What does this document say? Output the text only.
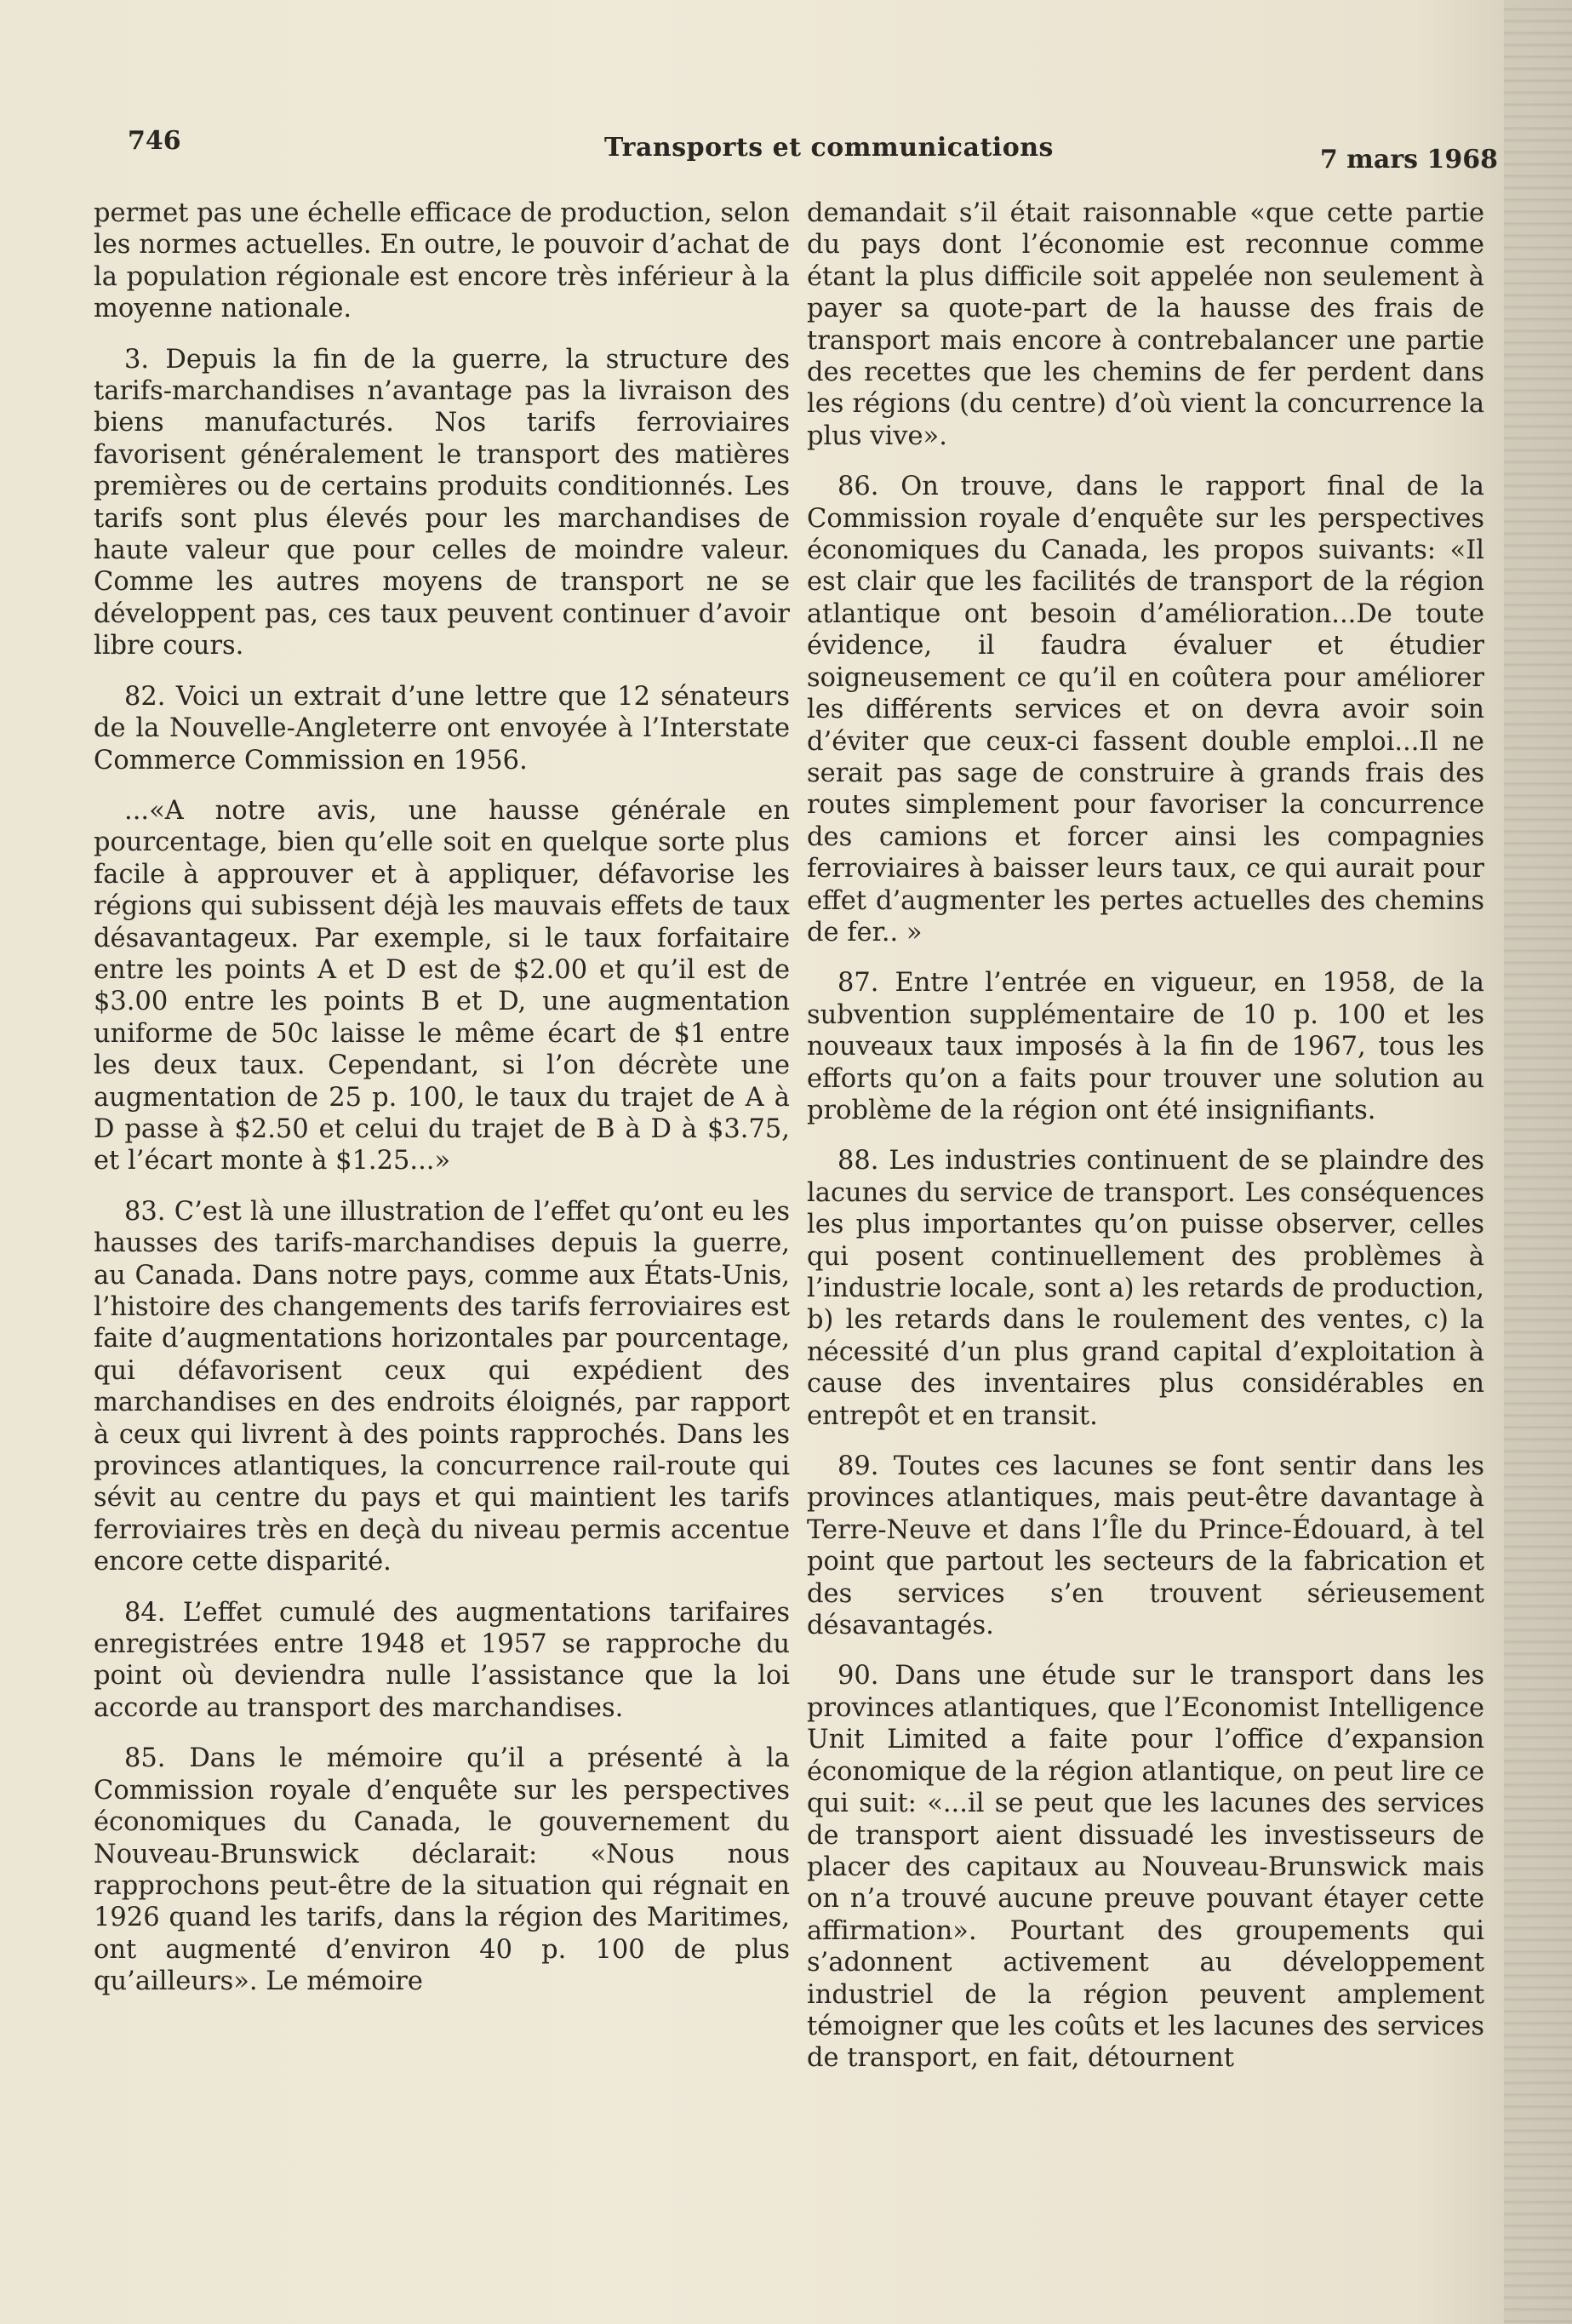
746	Transports et communications	7 mars 1968

permet pas une échelle efficace de production, selon les normes actuelles. En outre, le pouvoir d’achat de la population régionale est encore très inférieur à la moyenne nationale.

3. Depuis la fin de la guerre, la structure des tarifs-marchandises n’avantage pas la livraison des biens manufacturés. Nos tarifs ferroviaires favorisent généralement le transport des matières premières ou de certains produits conditionnés. Les tarifs sont plus élevés pour les marchandises de haute valeur que pour celles de moindre valeur. Comme les autres moyens de transport ne se développent pas, ces taux peuvent continuer d’avoir libre cours.

82. Voici un extrait d’une lettre que 12 sénateurs de la Nouvelle-Angleterre ont envoyée à l’Interstate Commerce Commission en 1956.

...«A notre avis, une hausse générale en pourcentage, bien qu’elle soit en quelque sorte plus facile à approuver et à appliquer, défavorise les régions qui subissent déjà les mauvais effets de taux désavantageux. Par exemple, si le taux forfaitaire entre les points A et D est de $2.00 et qu’il est de $3.00 entre les points B et D, une augmentation uniforme de 50c laisse le même écart de $1 entre les deux taux. Cependant, si l’on décrète une augmentation de 25 p. 100, le taux du trajet de A à D passe à $2.50 et celui du trajet de B à D à $3.75, et l’écart monte à $1.25...»

83. C’est là une illustration de l’effet qu’ont eu les hausses des tarifs-marchandises depuis la guerre, au Canada. Dans notre pays, comme aux États-Unis, l’histoire des changements des tarifs ferroviaires est faite d’augmentations horizontales par pourcentage, qui défavorisent ceux qui expédient des marchandises en des endroits éloignés, par rapport à ceux qui livrent à des points rapprochés. Dans les provinces atlantiques, la concurrence rail-route qui sévit au centre du pays et qui maintient les tarifs ferroviaires très en deçà du niveau permis accentue encore cette disparité.

84. L’effet cumulé des augmentations tarifaires enregistrées entre 1948 et 1957 se rapproche du point où deviendra nulle l’assistance que la loi accorde au transport des marchandises.

85. Dans le mémoire qu’il a présenté à la Commission royale d’enquête sur les perspectives économiques du Canada, le gouvernement du Nouveau-Brunswick déclarait: «Nous nous rapprochons peut-être de la situation qui régnait en 1926 quand les tarifs, dans la région des Maritimes, ont augmenté d’environ 40 p. 100 de plus qu’ailleurs». Le mémoire

demandait s’il était raisonnable «que cette partie du pays dont l’économie est reconnue comme étant la plus difficile soit appelée non seulement à payer sa quote-part de la hausse des frais de transport mais encore à contrebalancer une partie des recettes que les chemins de fer perdent dans les régions (du centre) d’où vient la concurrence la plus vive».

86. On trouve, dans le rapport final de la Commission royale d’enquête sur les perspectives économiques du Canada, les propos suivants: «Il est clair que les facilités de transport de la région atlantique ont besoin d’amélioration...De toute évidence, il faudra évaluer et étudier soigneusement ce qu’il en coûtera pour améliorer les différents services et on devra avoir soin d’éviter que ceux-ci fassent double emploi...Il ne serait pas sage de construire à grands frais des routes simplement pour favoriser la concurrence des camions et forcer ainsi les compagnies ferroviaires à baisser leurs taux, ce qui aurait pour effet d’augmenter les pertes actuelles des chemins de fer.. »

87. Entre l’entrée en vigueur, en 1958, de la subvention supplémentaire de 10 p. 100 et les nouveaux taux imposés à la fin de 1967, tous les efforts qu’on a faits pour trouver une solution au problème de la région ont été insignifiants.

88. Les industries continuent de se plaindre des lacunes du service de transport. Les conséquences les plus importantes qu’on puisse observer, celles qui posent continuellement des problèmes à l’industrie locale, sont a) les retards de production, b) les retards dans le roulement des ventes, c) la nécessité d’un plus grand capital d’exploitation à cause des inventaires plus considérables en entrepôt et en transit.

89. Toutes ces lacunes se font sentir dans les provinces atlantiques, mais peut-être davantage à Terre-Neuve et dans l’Île du Prince-Édouard, à tel point que partout les secteurs de la fabrication et des services s’en trouvent sérieusement désavantagés.

90. Dans une étude sur le transport dans les provinces atlantiques, que l’Economist Intelligence Unit Limited a faite pour l’office d’expansion économique de la région atlantique, on peut lire ce qui suit: «...il se peut que les lacunes des services de transport aient dissuadé les investisseurs de placer des capitaux au Nouveau-Brunswick mais on n’a trouvé aucune preuve pouvant étayer cette affirmation». Pourtant des groupements qui s’adonnent activement au développement industriel de la région peuvent amplement témoigner que les coûts et les lacunes des services de transport, en fait, détournent
